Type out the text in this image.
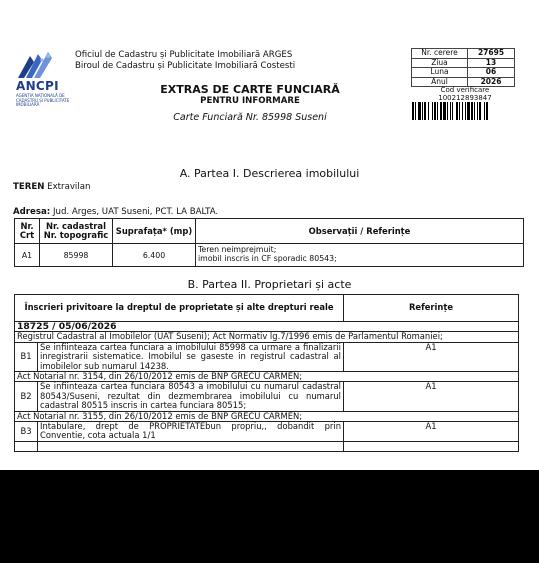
ANCPI
AGENȚIA NAȚIONALĂ DE CADASTRU ȘI PUBLICITATE IMOBILIARĂ
Oficiul de Cadastru și Publicitate Imobiliară ARGES
Biroul de Cadastru și Publicitate Imobiliară Costesti
EXTRAS DE CARTE FUNCIARĂ
PENTRU INFORMARE
Carte Funciară Nr. 85998 Suseni
Nr. cerere	27695
Ziua	13
Luna	06
Anul	2026
Cod verificare
100212893847
A. Partea I. Descrierea imobilului
TEREN Extravilan
Adresa: Jud. Arges, UAT Suseni, PCT. LA BALTA.
Nr. Crt	Nr. cadastral Nr. topografic	Suprafața* (mp)	Observații / Referințe
A1	85998	6.400	Teren neimprejmuit;
imobil inscris in CF sporadic 80543;
B. Partea II. Proprietari și acte
Înscrieri privitoare la dreptul de proprietate și alte drepturi reale		Referințe
18725 / 05/06/2026		
Registrul Cadastral al Imobilelor (UAT Suseni); Act Normativ lg.7/1996 emis de Parlamentul Romaniei;		
B1	Se infiinteaza cartea funciara a imobilului 85998 ca urmare a finalizarii inregistrarii sistematice. Imobilul se gaseste in registrul cadastral al imobilelor sub numarul 14238.	A1
Act Notarial nr. 3154, din 26/10/2012 emis de BNP GRECU CARMEN;		
B2	Se infiinteaza cartea funciara 80543 a imobilului cu numarul cadastral 80543/Suseni, rezultat din dezmembrarea imobilului cu numarul cadastral 80515 inscris in cartea funciara 80515;	A1
Act Notarial nr. 3155, din 26/10/2012 emis de BNP GRECU CARMEN;		
B3	Intabulare, drept de PROPRIETATEbun propriu,, dobandit prin Conventie, cota actuala 1/1	A1
